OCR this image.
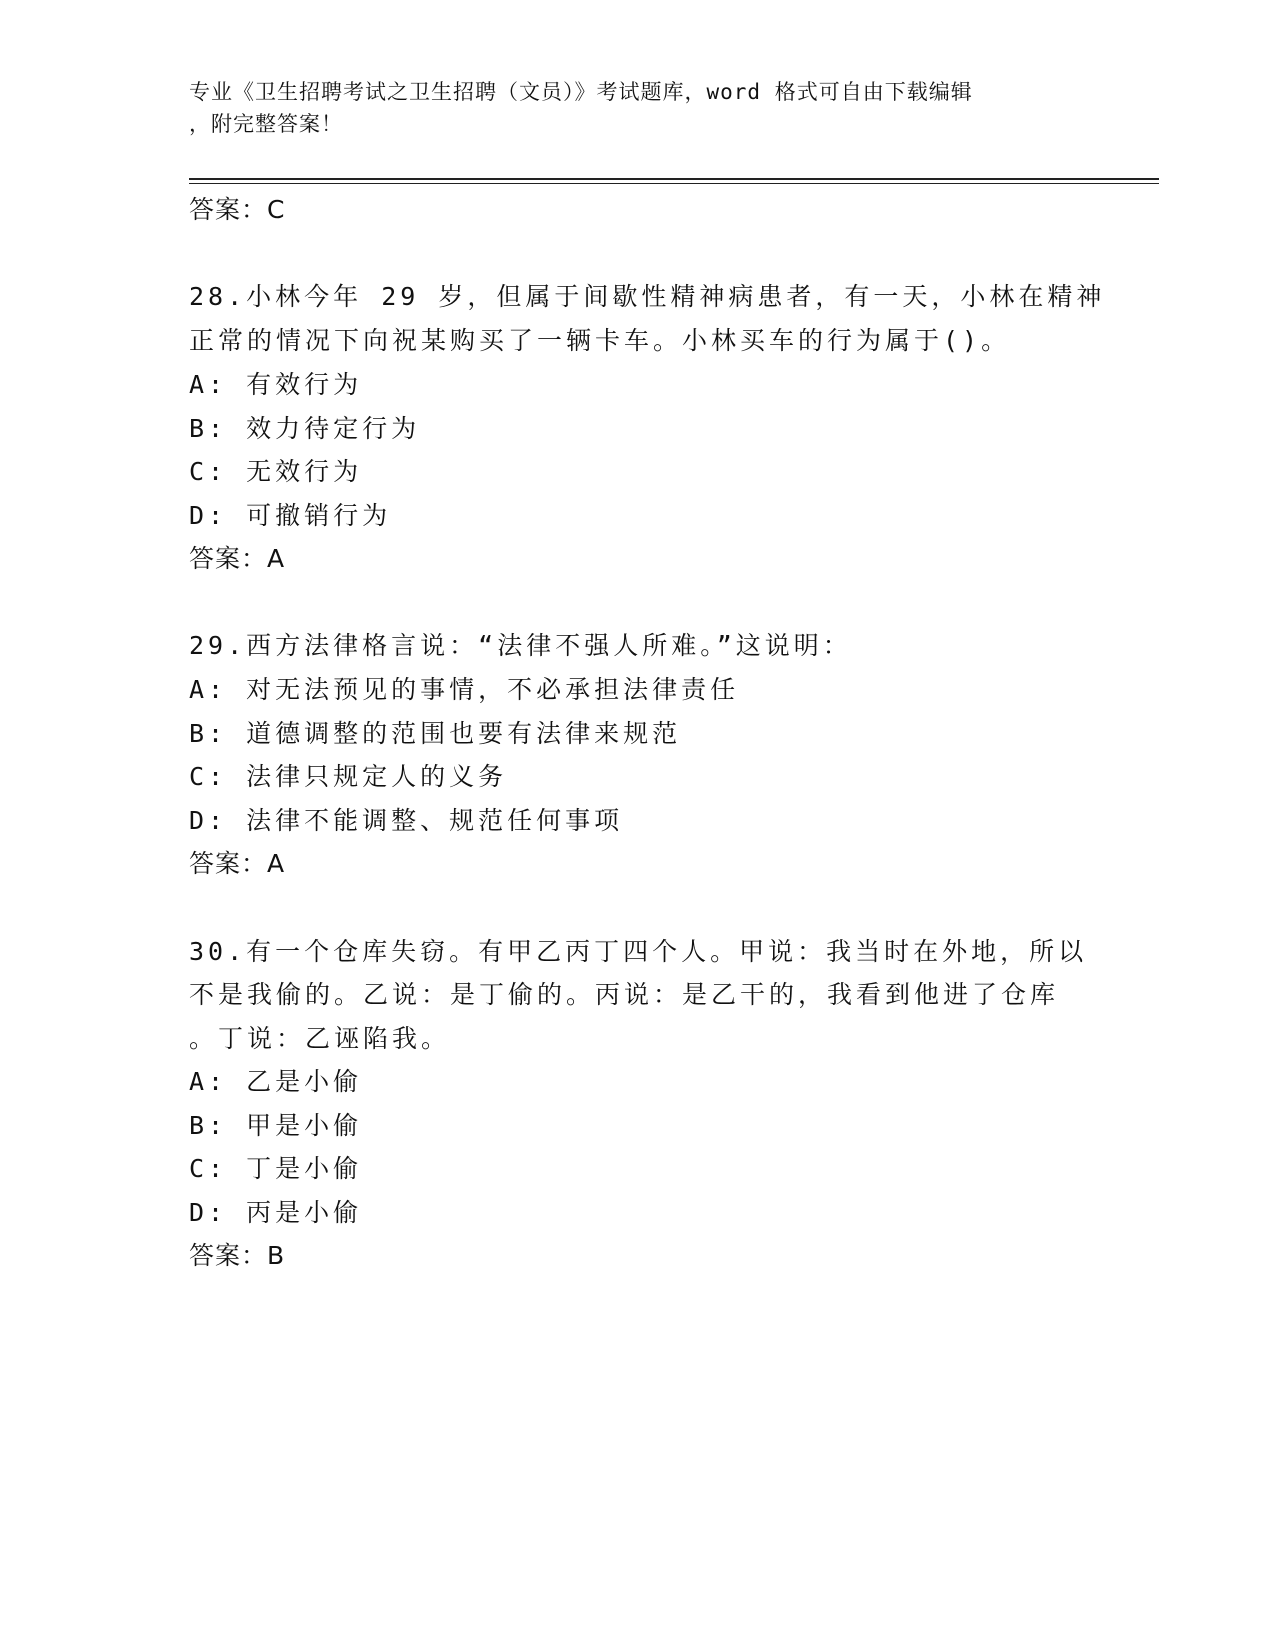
专业《卫生招聘考试之卫生招聘（文员）》考试题库，word 格式可自由下载编辑
，附完整答案！
答案：C
28.小林今年 29 岁，但属于间歇性精神病患者，有一天，小林在精神
正常的情况下向祝某购买了一辆卡车。小林买车的行为属于()。
A: 有效行为
B: 效力待定行为
C: 无效行为
D: 可撤销行为
答案：A
29.西方法律格言说：“法律不强人所难。”这说明：
A: 对无法预见的事情，不必承担法律责任
B: 道德调整的范围也要有法律来规范
C: 法律只规定人的义务
D: 法律不能调整、规范任何事项
答案：A
30.有一个仓库失窃。有甲乙丙丁四个人。甲说：我当时在外地，所以
不是我偷的。乙说：是丁偷的。丙说：是乙干的，我看到他进了仓库
。丁说：乙诬陷我。
A: 乙是小偷
B: 甲是小偷
C: 丁是小偷
D: 丙是小偷
答案：B
